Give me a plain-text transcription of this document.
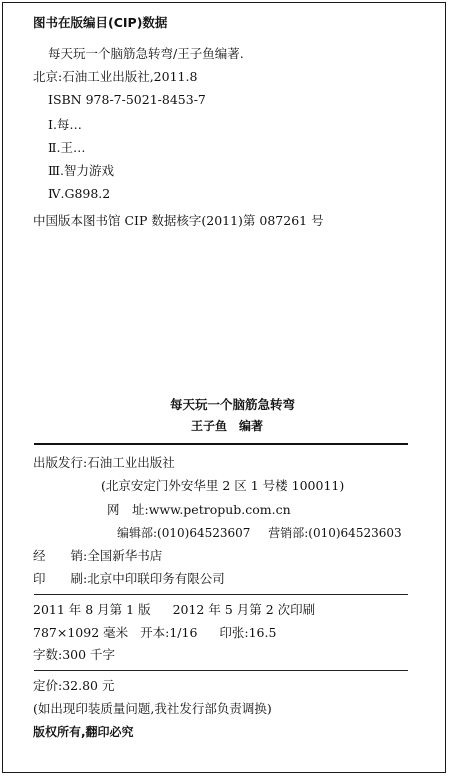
图书在版编目(CIP)数据
每天玩一个脑筋急转弯/王子鱼编著.
北京:石油工业出版社,2011.8
ISBN 978-7-5021-8453-7
Ⅰ.每…
Ⅱ.王…
Ⅲ.智力游戏
Ⅳ.G898.2
中国版本图书馆 CIP 数据核字(2011)第 087261 号
每天玩一个脑筋急转弯
王子鱼　编著
出版发行:石油工业出版社
(北京安定门外安华里 2 区 1 号楼 100011)
网　址:www.petropub.com.cn
编辑部:(010)64523607 营销部:(010)64523603
经　　销:全国新华书店
印　　刷:北京中印联印务有限公司
2011 年 8 月第 1 版 2012 年 5 月第 2 次印刷
787×1092 毫米 开本:1/16 印张:16.5
字数:300 千字
定价:32.80 元
(如出现印装质量问题,我社发行部负责调换)
版权所有,翻印必究
